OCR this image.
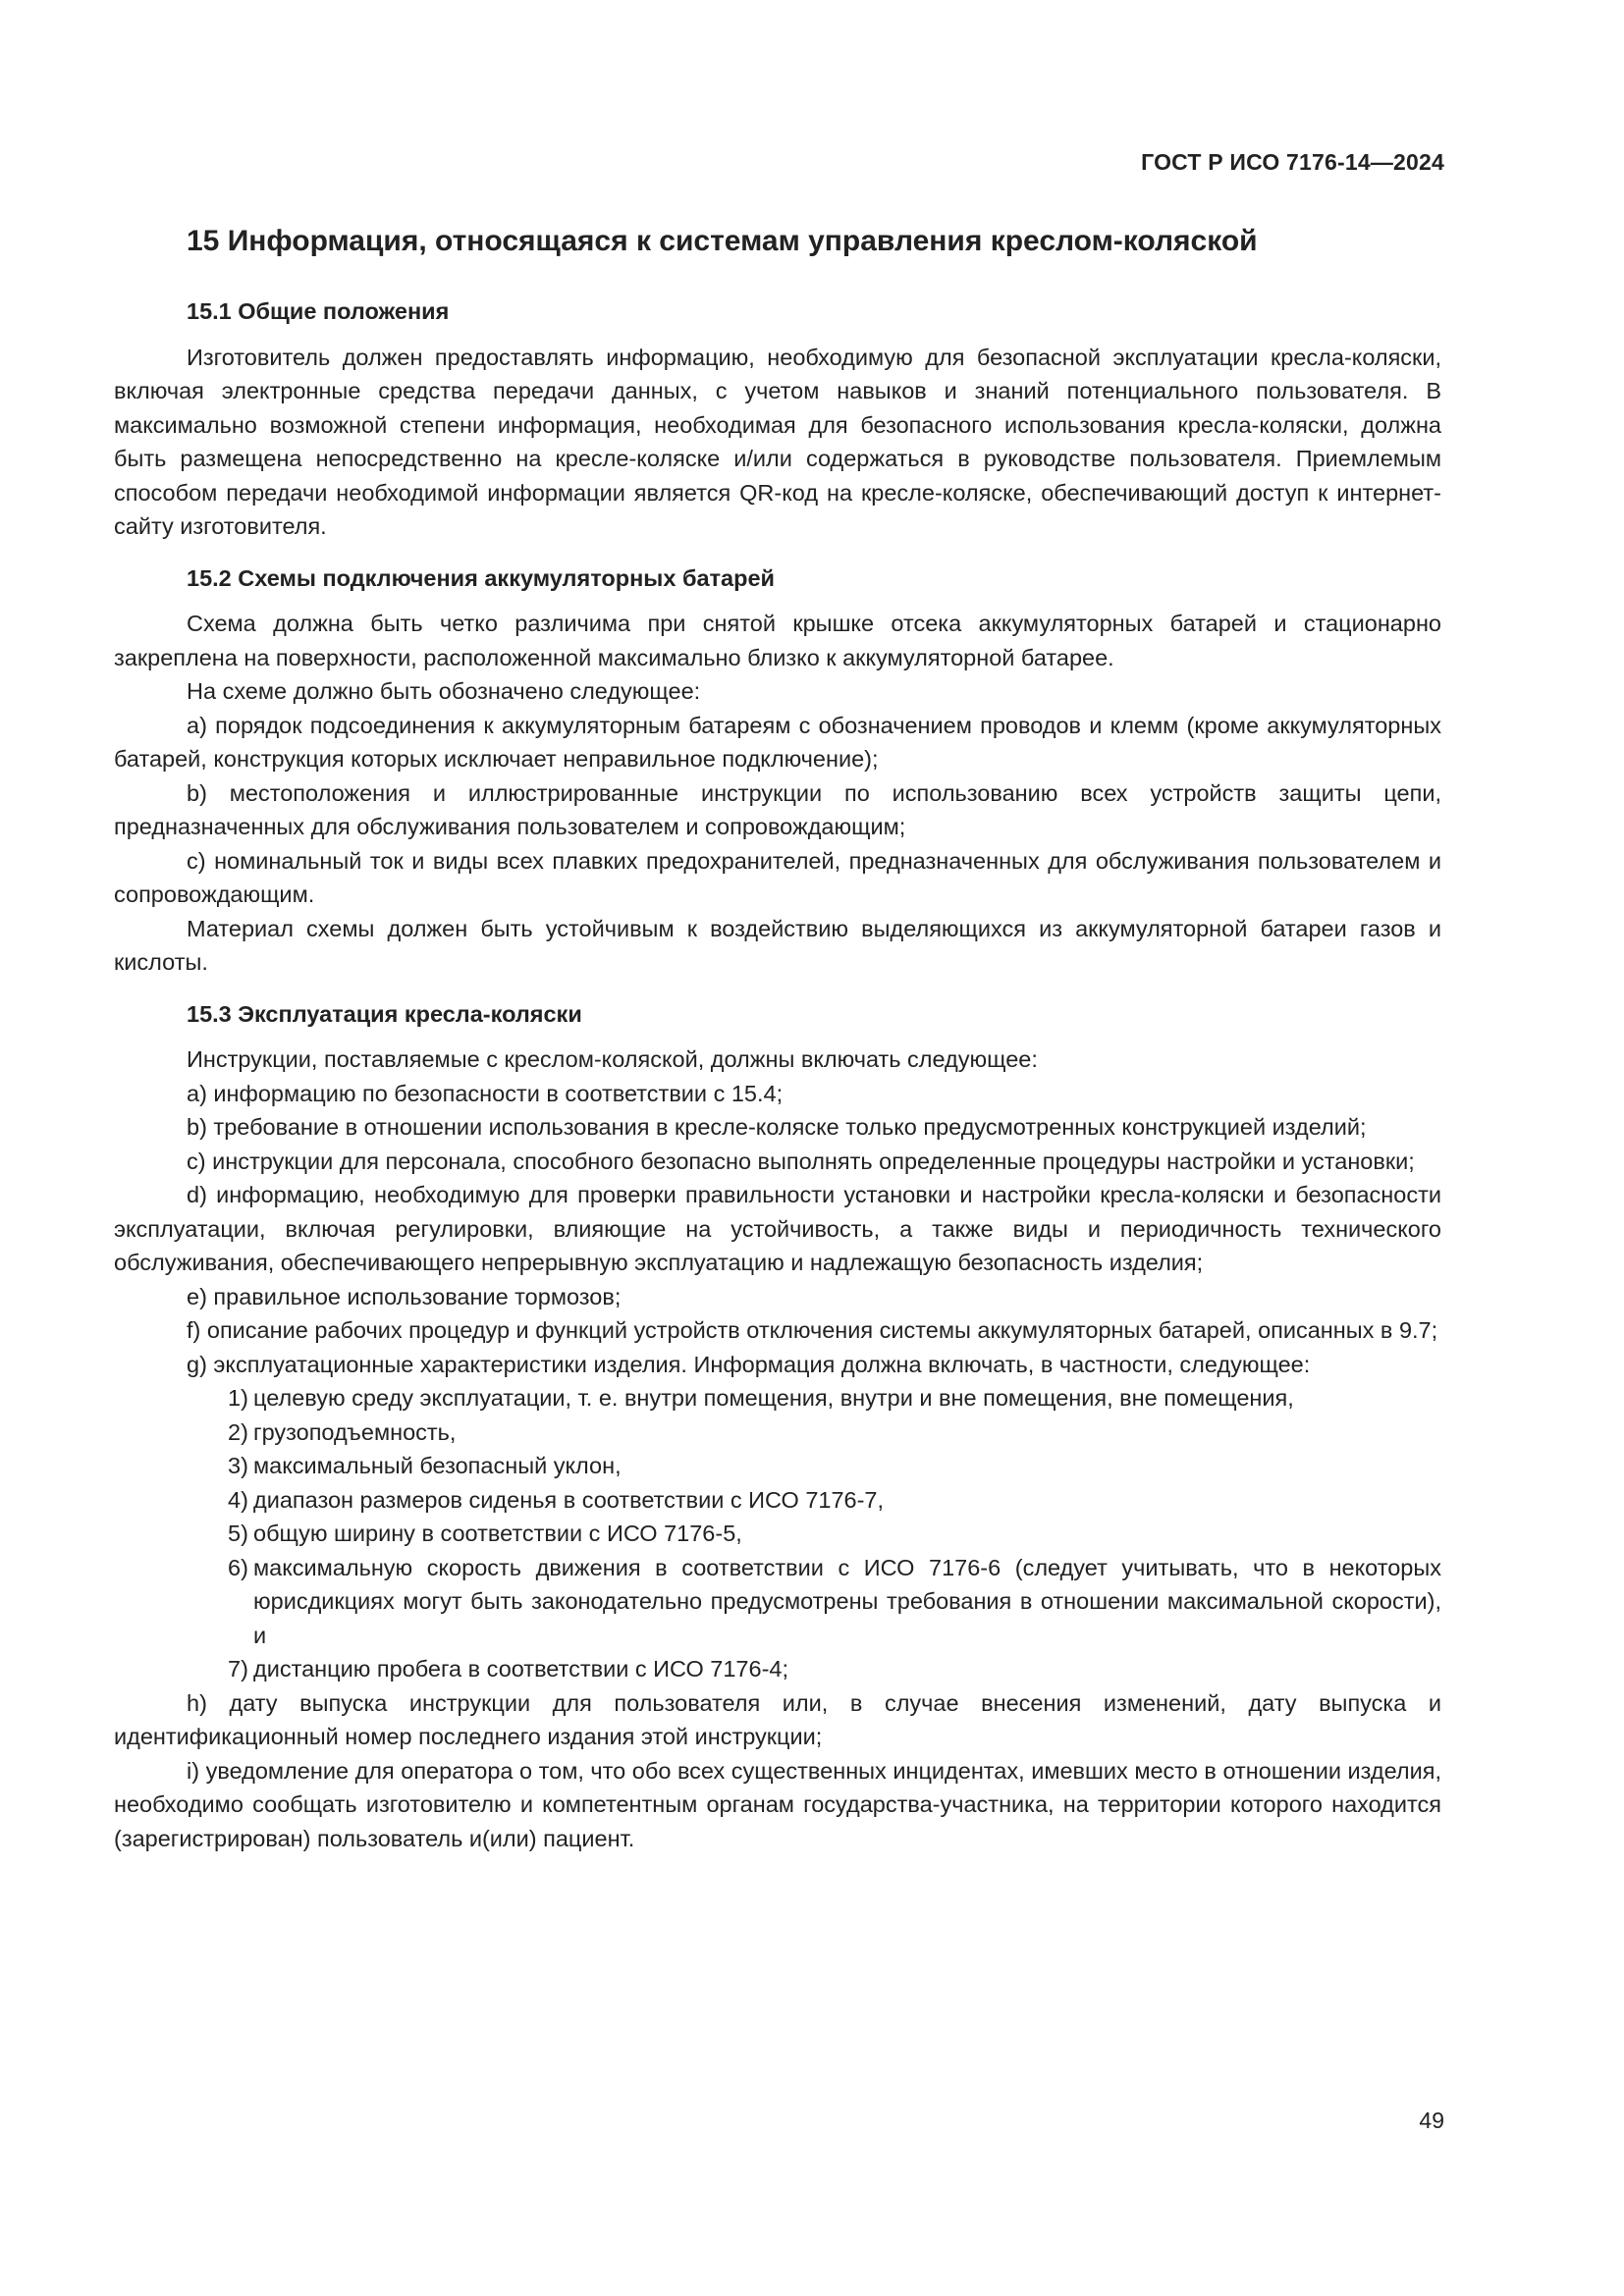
ГОСТ Р ИСО 7176-14—2024
15 Информация, относящаяся к системам управления креслом-коляской
15.1 Общие положения

Изготовитель должен предоставлять информацию, необходимую для безопасной эксплуатации кресла-коляски, включая электронные средства передачи данных, с учетом навыков и знаний потенциального пользователя. В максимально возможной степени информация, необходимая для безопасного использования кресла-коляски, должна быть размещена непосредственно на кресле-коляске и/или содержаться в руководстве пользователя. Приемлемым способом передачи необходимой информации является QR-код на кресле-коляске, обеспечивающий доступ к интернет-сайту изготовителя.

15.2 Схемы подключения аккумуляторных батарей

Схема должна быть четко различима при снятой крышке отсека аккумуляторных батарей и стационарно закреплена на поверхности, расположенной максимально близко к аккумуляторной батарее.

На схеме должно быть обозначено следующее:

a) порядок подсоединения к аккумуляторным батареям с обозначением проводов и клемм (кроме аккумуляторных батарей, конструкция которых исключает неправильное подключение);

b) местоположения и иллюстрированные инструкции по использованию всех устройств защиты цепи, предназначенных для обслуживания пользователем и сопровождающим;

c) номинальный ток и виды всех плавких предохранителей, предназначенных для обслуживания пользователем и сопровождающим.

Материал схемы должен быть устойчивым к воздействию выделяющихся из аккумуляторной батареи газов и кислоты.

15.3 Эксплуатация кресла-коляски

Инструкции, поставляемые с креслом-коляской, должны включать следующее:

a) информацию по безопасности в соответствии с 15.4;

b) требование в отношении использования в кресле-коляске только предусмотренных конструкцией изделий;

c) инструкции для персонала, способного безопасно выполнять определенные процедуры настройки и установки;

d) информацию, необходимую для проверки правильности установки и настройки кресла-коляски и безопасности эксплуатации, включая регулировки, влияющие на устойчивость, а также виды и периодичность технического обслуживания, обеспечивающего непрерывную эксплуатацию и надлежащую безопасность изделия;

e) правильное использование тормозов;

f) описание рабочих процедур и функций устройств отключения системы аккумуляторных батарей, описанных в 9.7;

g) эксплуатационные характеристики изделия. Информация должна включать, в частности, следующее:

1) целевую среду эксплуатации, т. е. внутри помещения, внутри и вне помещения, вне помещения,
2) грузоподъемность,
3) максимальный безопасный уклон,
4) диапазон размеров сиденья в соответствии с ИСО 7176-7,
5) общую ширину в соответствии с ИСО 7176-5,
6) максимальную скорость движения в соответствии с ИСО 7176-6 (следует учитывать, что в некоторых юрисдикциях могут быть законодательно предусмотрены требования в отношении максимальной скорости), и
7) дистанцию пробега в соответствии с ИСО 7176-4;

h) дату выпуска инструкции для пользователя или, в случае внесения изменений, дату выпуска и идентификационный номер последнего издания этой инструкции;

i) уведомление для оператора о том, что обо всех существенных инцидентах, имевших место в отношении изделия, необходимо сообщать изготовителю и компетентным органам государства-участника, на территории которого находится (зарегистрирован) пользователь и(или) пациент.

49
